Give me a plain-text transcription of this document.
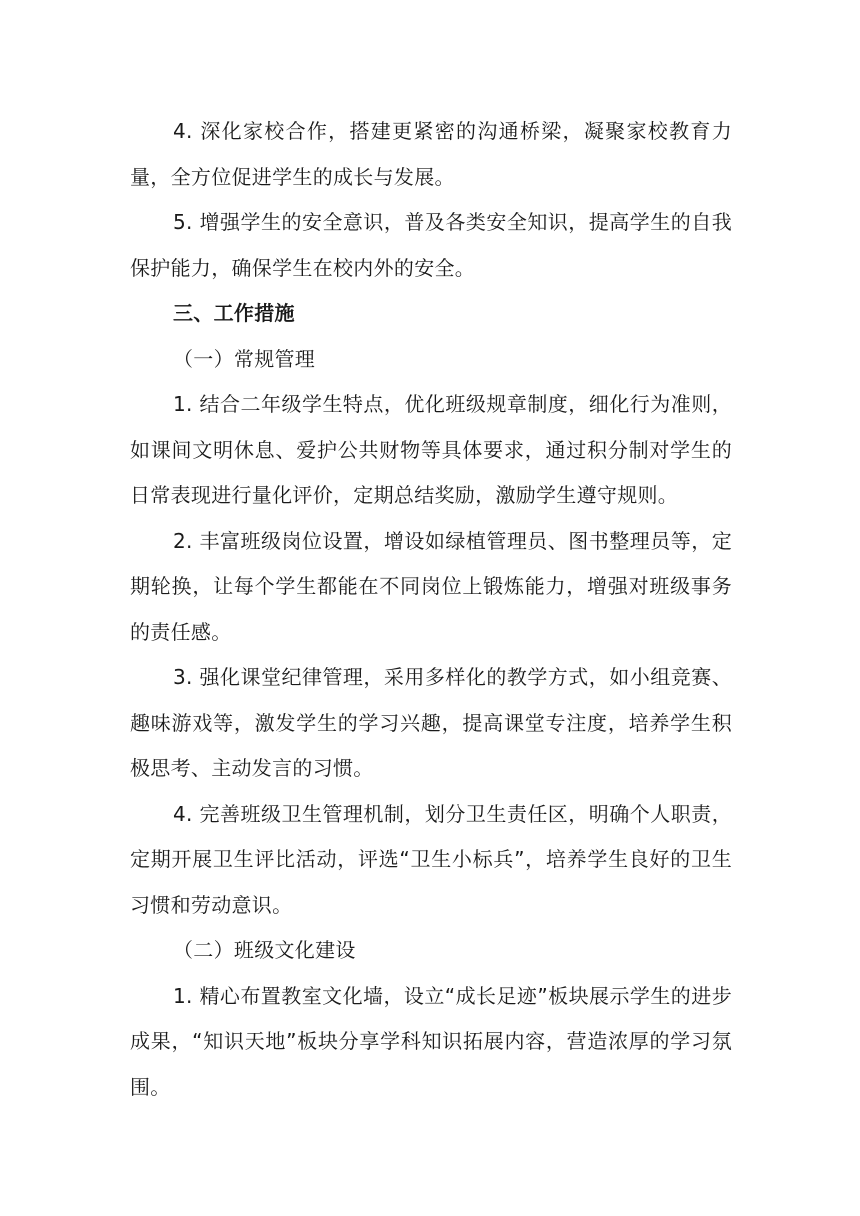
4. 深化家校合作，搭建更紧密的沟通桥梁，凝聚家校教育力量，全方位促进学生的成长与发展。

5. 增强学生的安全意识，普及各类安全知识，提高学生的自我保护能力，确保学生在校内外的安全。

三、工作措施

（一）常规管理

1. 结合二年级学生特点，优化班级规章制度，细化行为准则，如课间文明休息、爱护公共财物等具体要求，通过积分制对学生的日常表现进行量化评价，定期总结奖励，激励学生遵守规则。

2. 丰富班级岗位设置，增设如绿植管理员、图书整理员等，定期轮换，让每个学生都能在不同岗位上锻炼能力，增强对班级事务的责任感。

3. 强化课堂纪律管理，采用多样化的教学方式，如小组竞赛、趣味游戏等，激发学生的学习兴趣，提高课堂专注度，培养学生积极思考、主动发言的习惯。

4. 完善班级卫生管理机制，划分卫生责任区，明确个人职责，定期开展卫生评比活动，评选“卫生小标兵”，培养学生良好的卫生习惯和劳动意识。

（二）班级文化建设

1. 精心布置教室文化墙，设立“成长足迹”板块展示学生的进步成果，“知识天地”板块分享学科知识拓展内容，营造浓厚的学习氛围。
